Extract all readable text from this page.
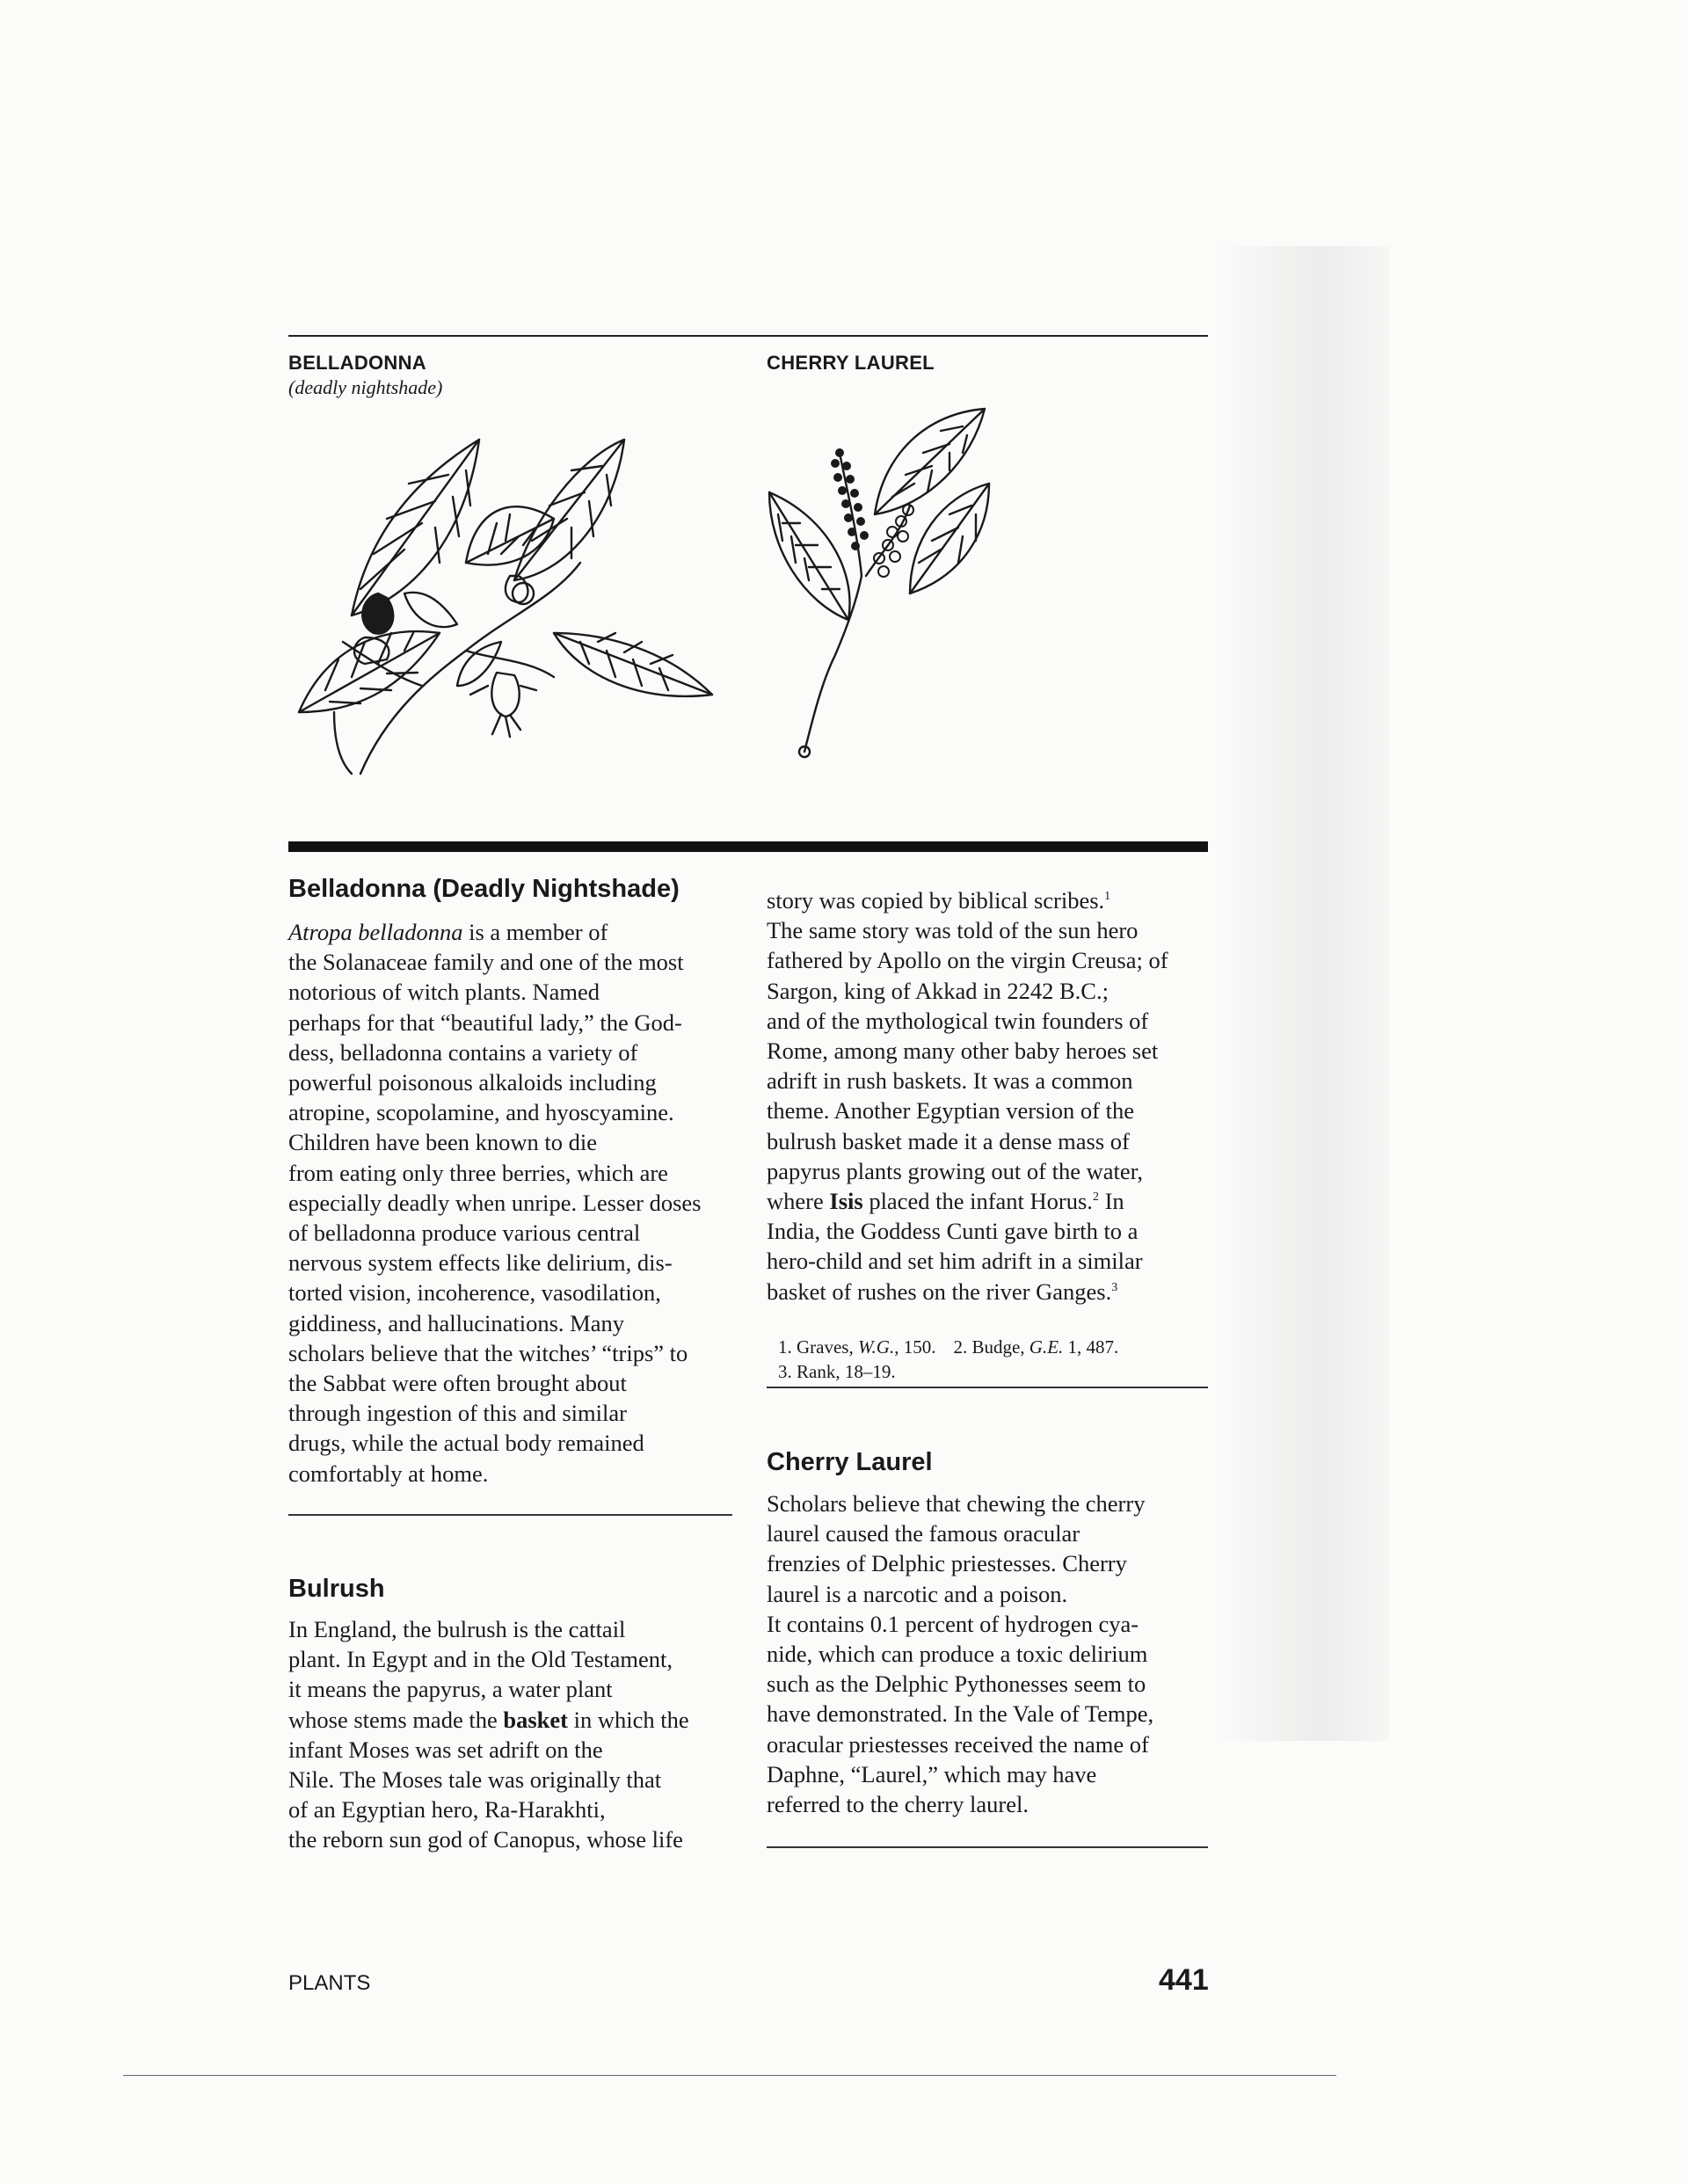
BELLADONNA
(deadly nightshade)
CHERRY LAUREL
Belladonna (Deadly Nightshade)
Atropa belladonna is a member of
the Solanaceae family and one of the most
notorious of witch plants. Named
perhaps for that “beautiful lady,” the God-
dess, belladonna contains a variety of
powerful poisonous alkaloids including
atropine, scopolamine, and hyoscyamine.
Children have been known to die
from eating only three berries, which are
especially deadly when unripe. Lesser doses
of belladonna produce various central
nervous system effects like delirium, dis-
torted vision, incoherence, vasodilation,
giddiness, and hallucinations. Many
scholars believe that the witches’ “trips” to
the Sabbat were often brought about
through ingestion of this and similar
drugs, while the actual body remained
comfortably at home.
Bulrush
In England, the bulrush is the cattail
plant. In Egypt and in the Old Testament,
it means the papyrus, a water plant
whose stems made the basket in which the
infant Moses was set adrift on the
Nile. The Moses tale was originally that
of an Egyptian hero, Ra-Harakhti,
the reborn sun god of Canopus, whose life
story was copied by biblical scribes.$^1$
The same story was told of the sun hero
fathered by Apollo on the virgin Creusa; of
Sargon, king of Akkad in 2242 B.C.;
and of the mythological twin founders of
Rome, among many other baby heroes set
adrift in rush baskets. It was a common
theme. Another Egyptian version of the
bulrush basket made it a dense mass of
papyrus plants growing out of the water,
where Isis placed the infant Horus.$^2$ In
India, the Goddess Cunti gave birth to a
hero-child and set him adrift in a similar
basket of rushes on the river Ganges.$^3$
1. Graves, W.G., 150. 2. Budge, G.E. 1, 487.
3. Rank, 18–19.
Cherry Laurel
Scholars believe that chewing the cherry
laurel caused the famous oracular
frenzies of Delphic priestesses. Cherry
laurel is a narcotic and a poison.
It contains 0.1 percent of hydrogen cya-
nide, which can produce a toxic delirium
such as the Delphic Pythonesses seem to
have demonstrated. In the Vale of Tempe,
oracular priestesses received the name of
Daphne, “Laurel,” which may have
referred to the cherry laurel.
PLANTS	441
